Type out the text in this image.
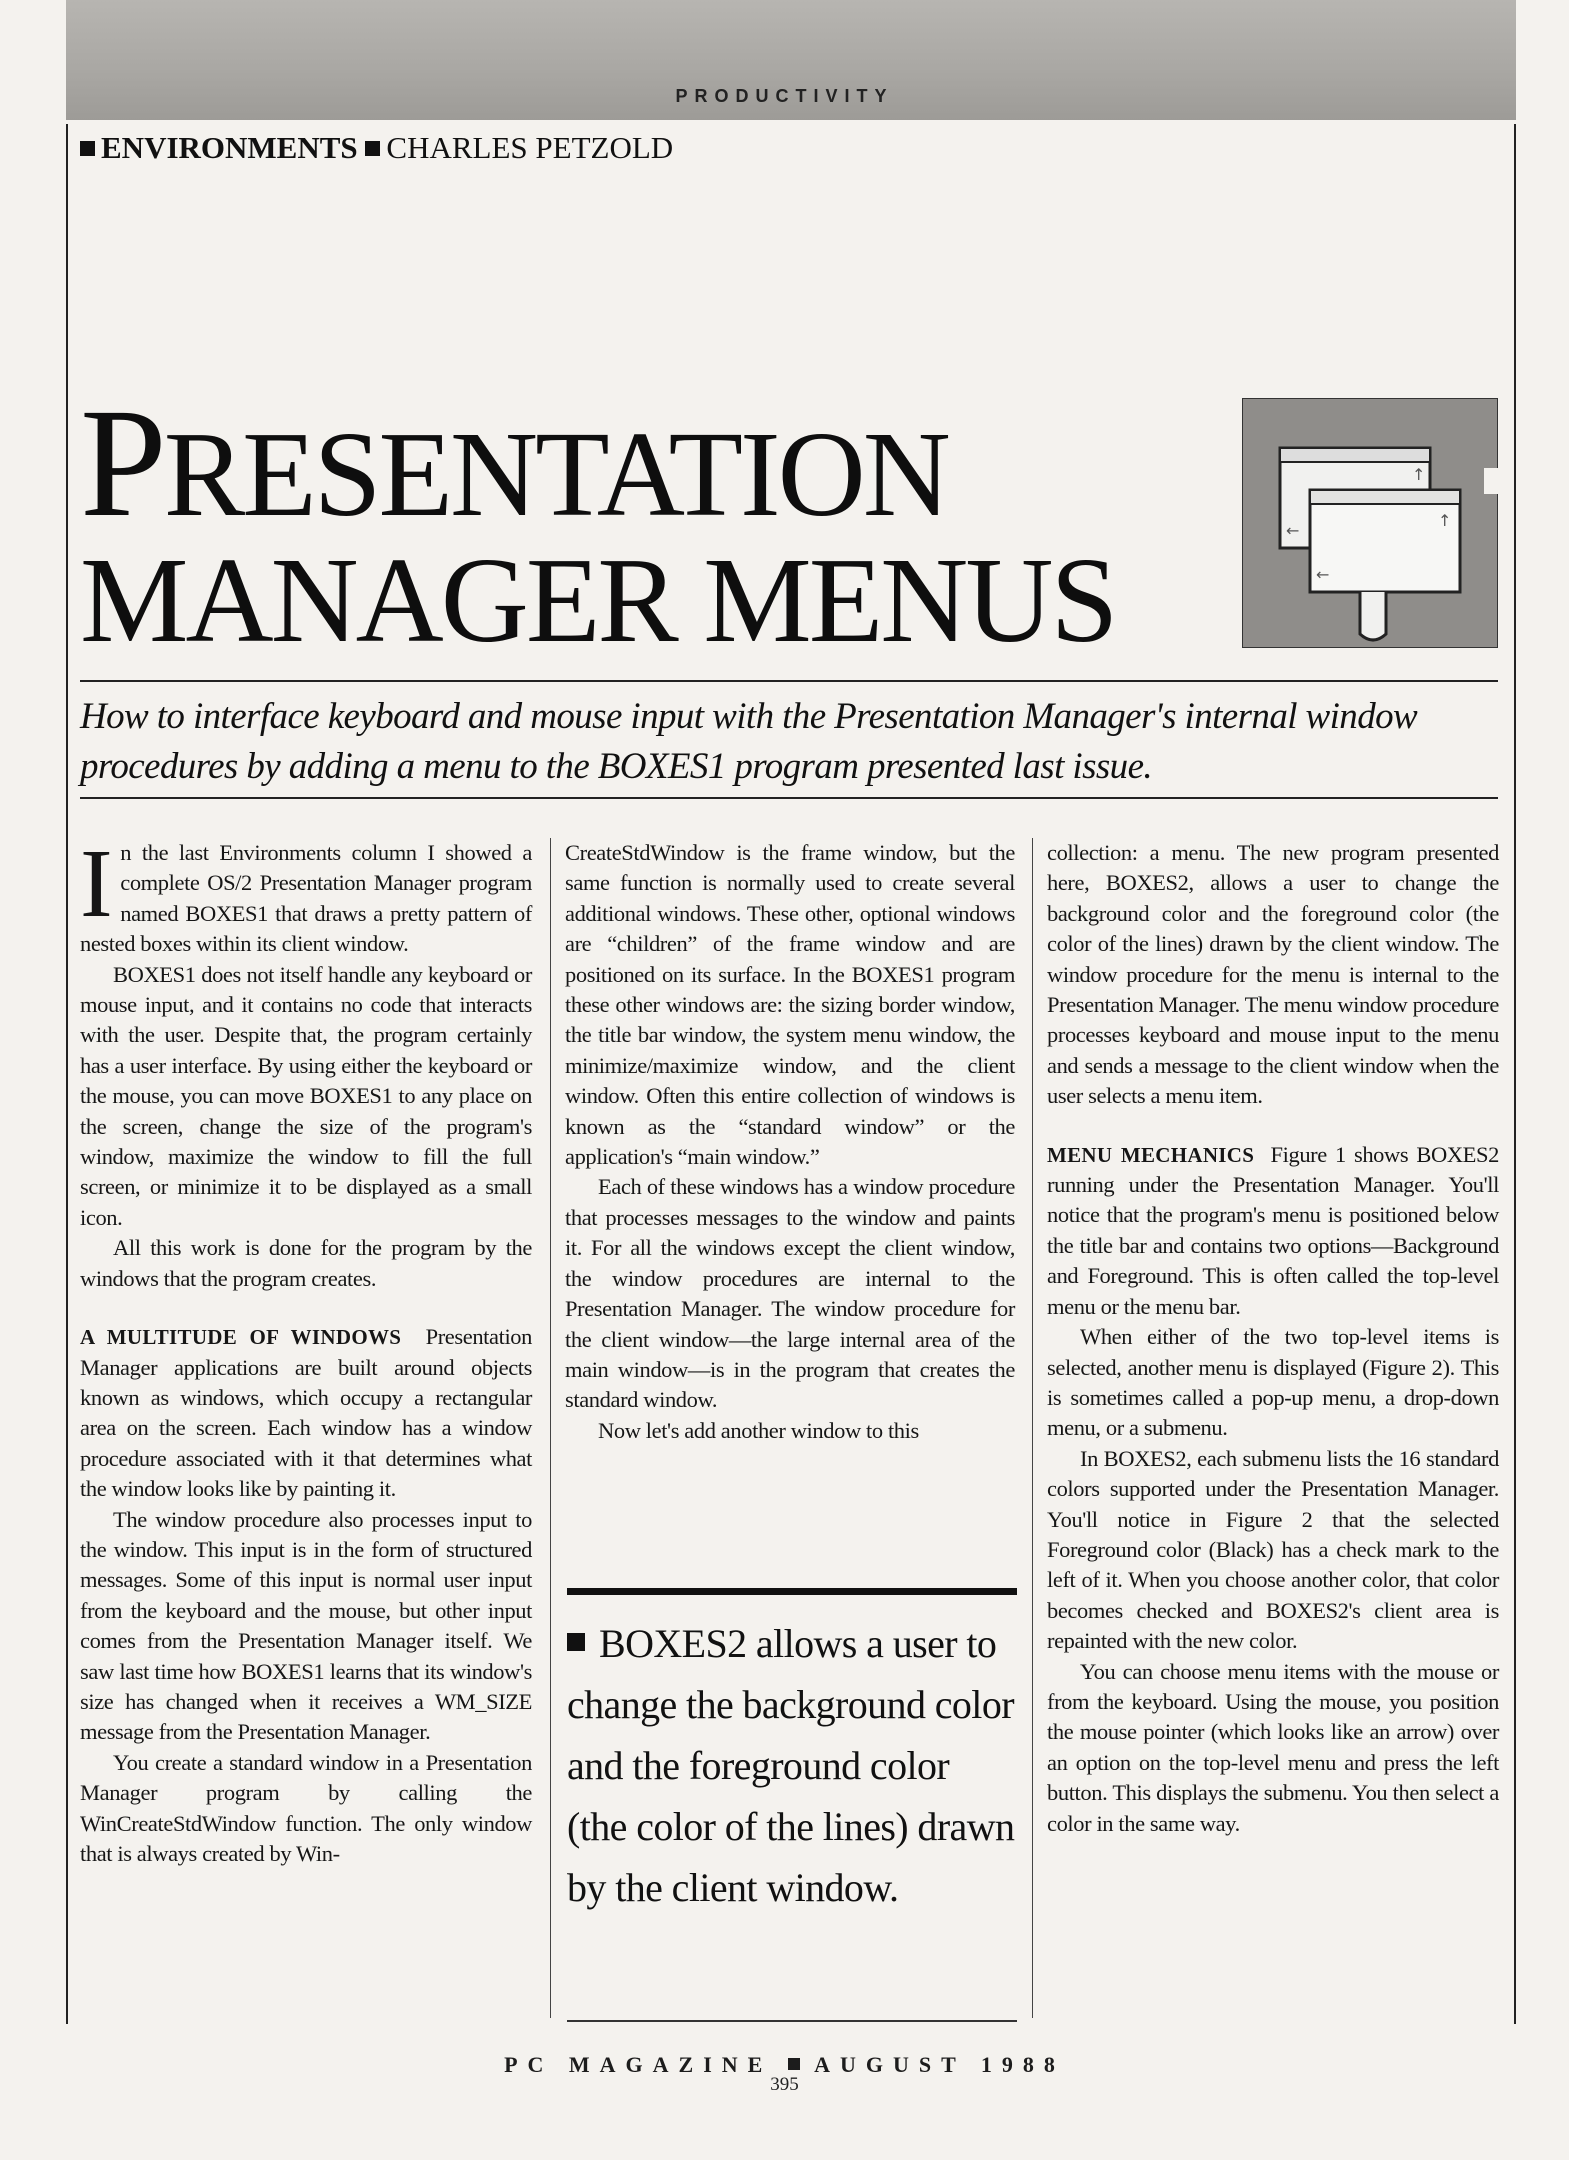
PRODUCTIVITY
ENVIRONMENTS CHARLES PETZOLD
PRESENTATION
MANAGER MENUS
↑
←
↑
←
How to interface keyboard and mouse input with the Presentation Manager's internal window procedures by adding a menu to the BOXES1 program presented last issue.

In the last Environments column I showed a complete OS/2 Presentation Manager program named BOXES1 that draws a pretty pattern of nested boxes within its client window.

BOXES1 does not itself handle any keyboard or mouse input, and it contains no code that interacts with the user. Despite that, the program certainly has a user interface. By using either the keyboard or the mouse, you can move BOXES1 to any place on the screen, change the size of the program's window, maximize the window to fill the full screen, or minimize it to be displayed as a small icon.

All this work is done for the program by the windows that the program creates.

A MULTITUDE OF WINDOWS Presentation Manager applications are built around objects known as windows, which occupy a rectangular area on the screen. Each window has a window procedure associated with it that determines what the window looks like by painting it.

The window procedure also processes input to the window. This input is in the form of structured messages. Some of this input is normal user input from the keyboard and the mouse, but other input comes from the Presentation Manager itself. We saw last time how BOXES1 learns that its window's size has changed when it receives a WM_SIZE message from the Presentation Manager.

You create a standard window in a Presentation Manager program by calling the WinCreateStdWindow function. The only window that is always created by Win-

CreateStdWindow is the frame window, but the same function is normally used to create several additional windows. These other, optional windows are “children” of the frame window and are positioned on its surface. In the BOXES1 program these other windows are: the sizing border window, the title bar window, the system menu window, the minimize/maximize window, and the client window. Often this entire collection of windows is known as the “standard window” or the application's “main window.”

Each of these windows has a window procedure that processes messages to the window and paints it. For all the windows except the client window, the window procedures are internal to the Presentation Manager. The window procedure for the client window—the large internal area of the main window—is in the program that creates the standard window.

Now let's add another window to this

BOXES2 allows a user to change the background color and the foreground color (the color of the lines) drawn by the client window.

collection: a menu. The new program presented here, BOXES2, allows a user to change the background color and the foreground color (the color of the lines) drawn by the client window. The window procedure for the menu is internal to the Presentation Manager. The menu window procedure processes keyboard and mouse input to the menu and sends a message to the client window when the user selects a menu item.

MENU MECHANICS Figure 1 shows BOXES2 running under the Presentation Manager. You'll notice that the program's menu is positioned below the title bar and contains two options—Background and Foreground. This is often called the top-level menu or the menu bar.

When either of the two top-level items is selected, another menu is displayed (Figure 2). This is sometimes called a pop-up menu, a drop-down menu, or a submenu.

In BOXES2, each submenu lists the 16 standard colors supported under the Presentation Manager. You'll notice in Figure 2 that the selected Foreground color (Black) has a check mark to the left of it. When you choose another color, that color becomes checked and BOXES2's client area is repainted with the new color.

You can choose menu items with the mouse or from the keyboard. Using the mouse, you position the mouse pointer (which looks like an arrow) over an option on the top-level menu and press the left button. This displays the submenu. You then select a color in the same way.

PC MAGAZINE AUGUST 1988
395
